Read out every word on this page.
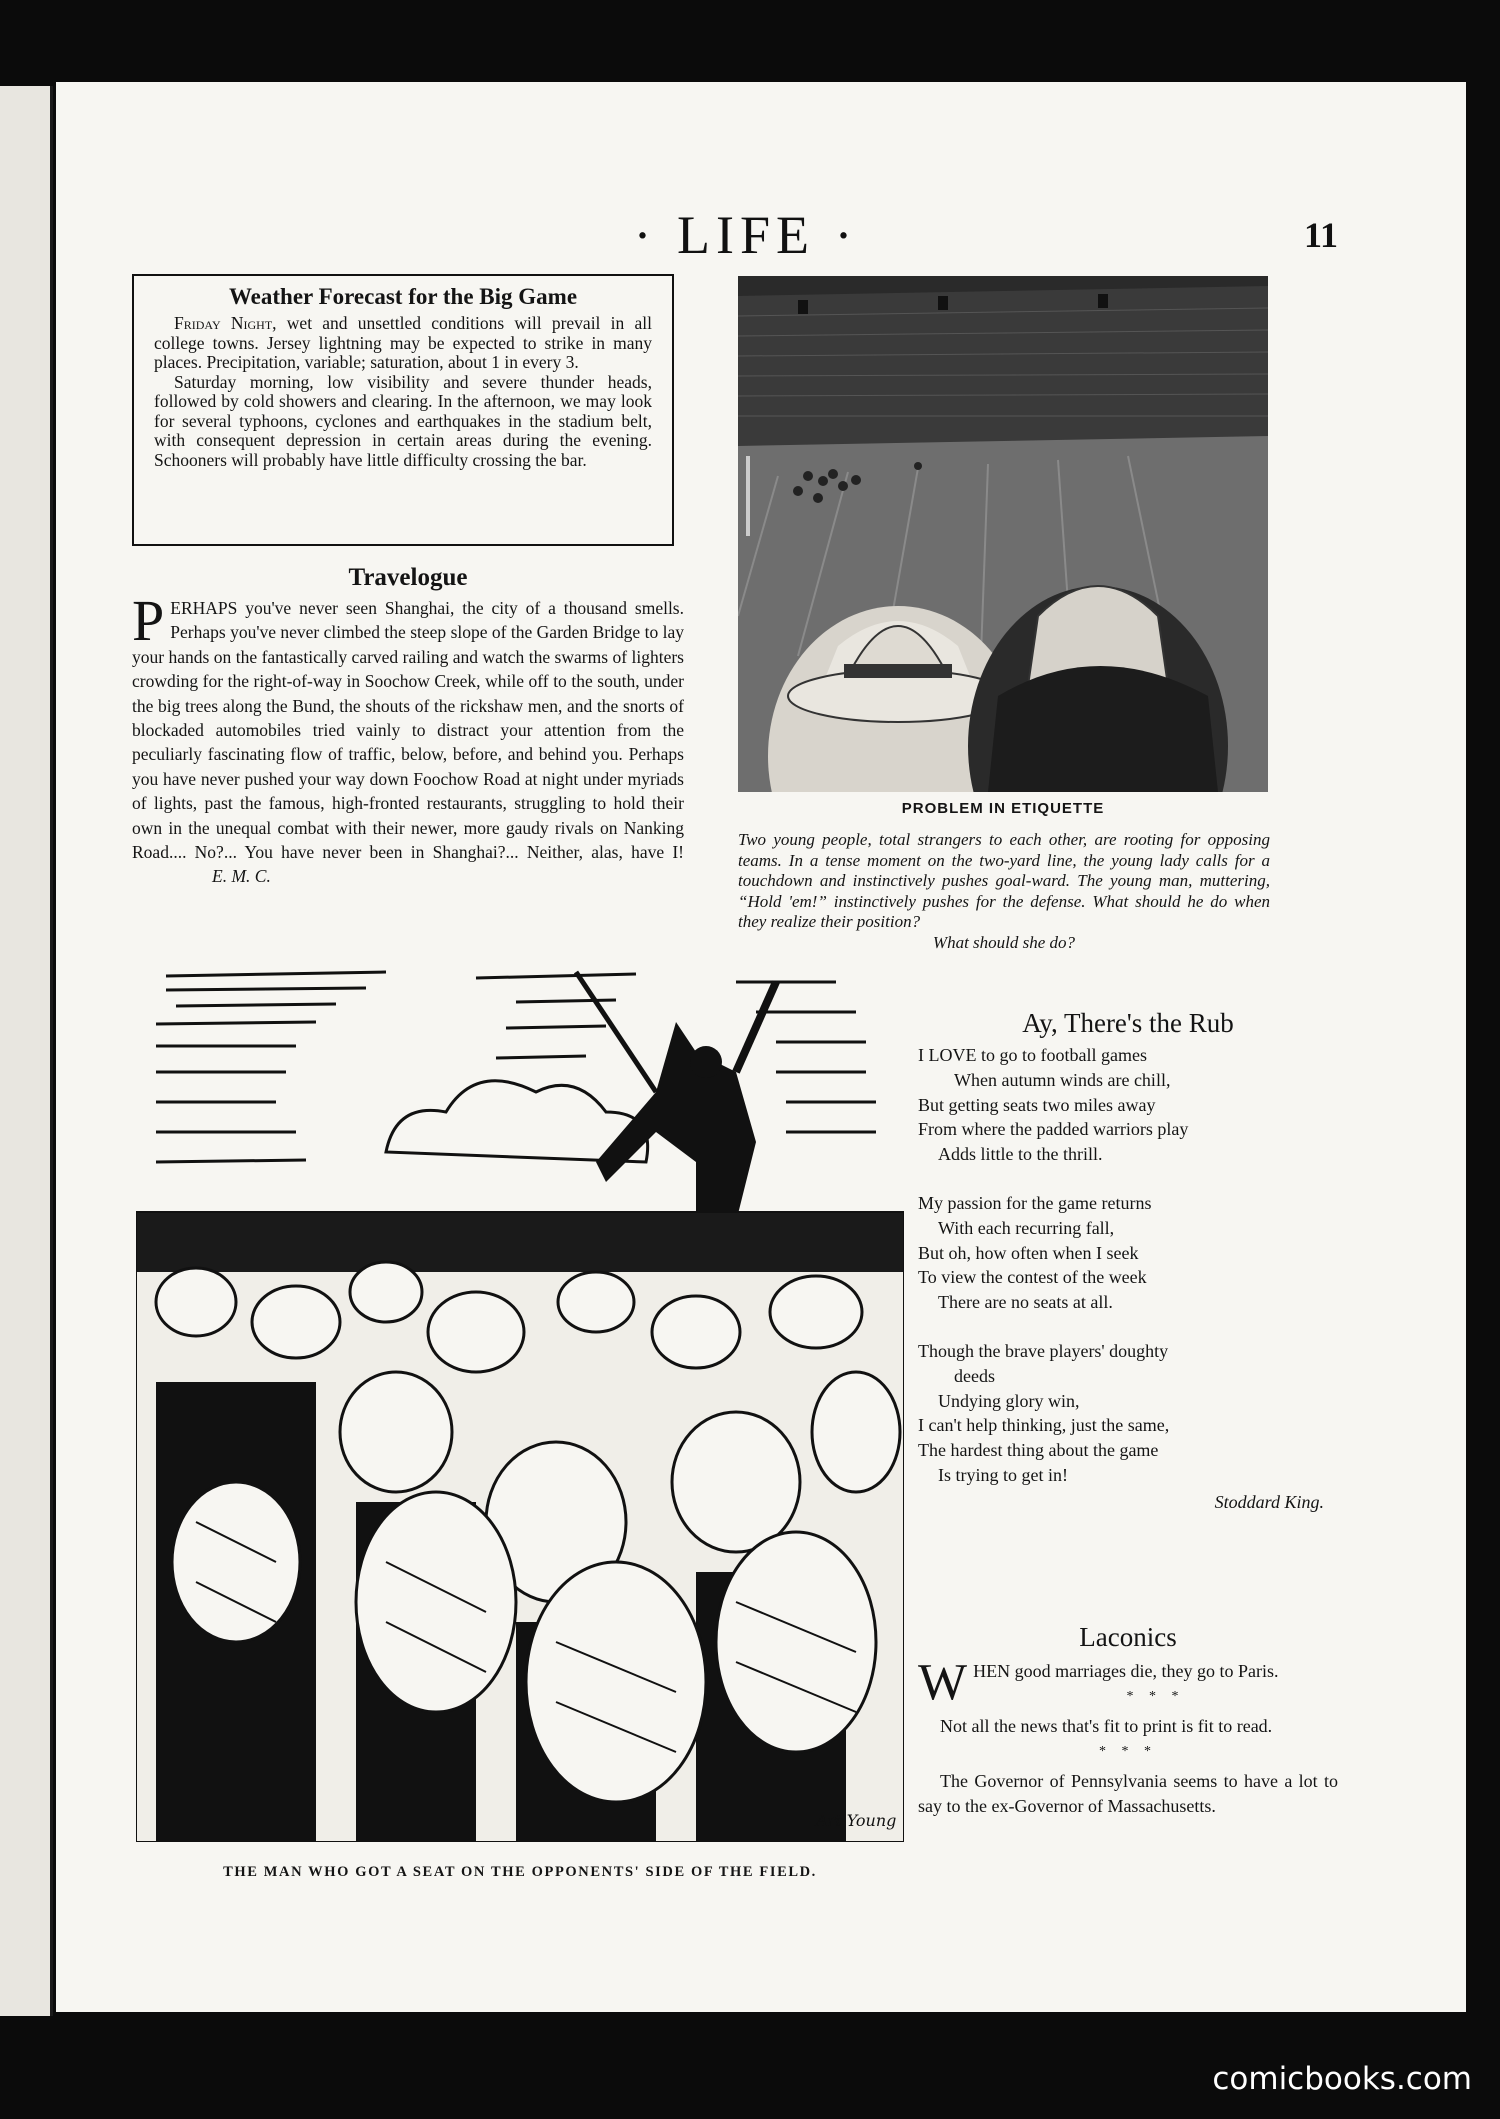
· LIFE ·	11
Weather Forecast for the Big Game

Friday Night, wet and unsettled conditions will prevail in all college towns. Jersey lightning may be expected to strike in many places. Precipitation, variable; saturation, about 1 in every 3.

Saturday morning, low visibility and severe thunder heads, followed by cold showers and clearing. In the afternoon, we may look for several typhoons, cyclones and earthquakes in the stadium belt, with consequent depression in certain areas during the evening. Schooners will probably have little difficulty crossing the bar.

Travelogue

PERHAPS you've never seen Shanghai, the city of a thousand smells. Perhaps you've never climbed the steep slope of the Garden Bridge to lay your hands on the fantastically carved railing and watch the swarms of lighters crowding for the right-of-way in Soochow Creek, while off to the south, under the big trees along the Bund, the shouts of the rickshaw men, and the snorts of blockaded automobiles tried vainly to distract your attention from the peculiarly fascinating flow of traffic, below, before, and behind you. Perhaps you have never pushed your way down Foochow Road at night under myriads of lights, past the famous, high-fronted restaurants, struggling to hold their own in the unequal combat with their newer, more gaudy rivals on Nanking Road.... No?... You have never been in Shanghai?... Neither, alas, have I! E. M. C.

PROBLEM IN ETIQUETTE
Two young people, total strangers to each other, are rooting for opposing teams. In a tense moment on the two-yard line, the young lady calls for a touchdown and instinctively pushes goal-ward. The young man, muttering, “Hold 'em!” instinctively pushes for the defense. What should he do when they realize their position?
What should she do?
Art Young
THE MAN WHO GOT A SEAT ON THE OPPONENTS' SIDE OF THE FIELD.
Ay, There's the Rub
I LOVE to go to football games
When autumn winds are chill,
But getting seats two miles away
From where the padded warriors play
Adds little to the thrill.
My passion for the game returns
With each recurring fall,
But oh, how often when I seek
To view the contest of the week
There are no seats at all.
Though the brave players' doughty
deeds
Undying glory win,
I can't help thinking, just the same,
The hardest thing about the game
Is trying to get in!
Stoddard King.
Laconics

WHEN good marriages die, they go to Paris.

* * *

Not all the news that's fit to print is fit to read.

* * *

The Governor of Pennsylvania seems to have a lot to say to the ex-Governor of Massachusetts.

comicbooks.com
